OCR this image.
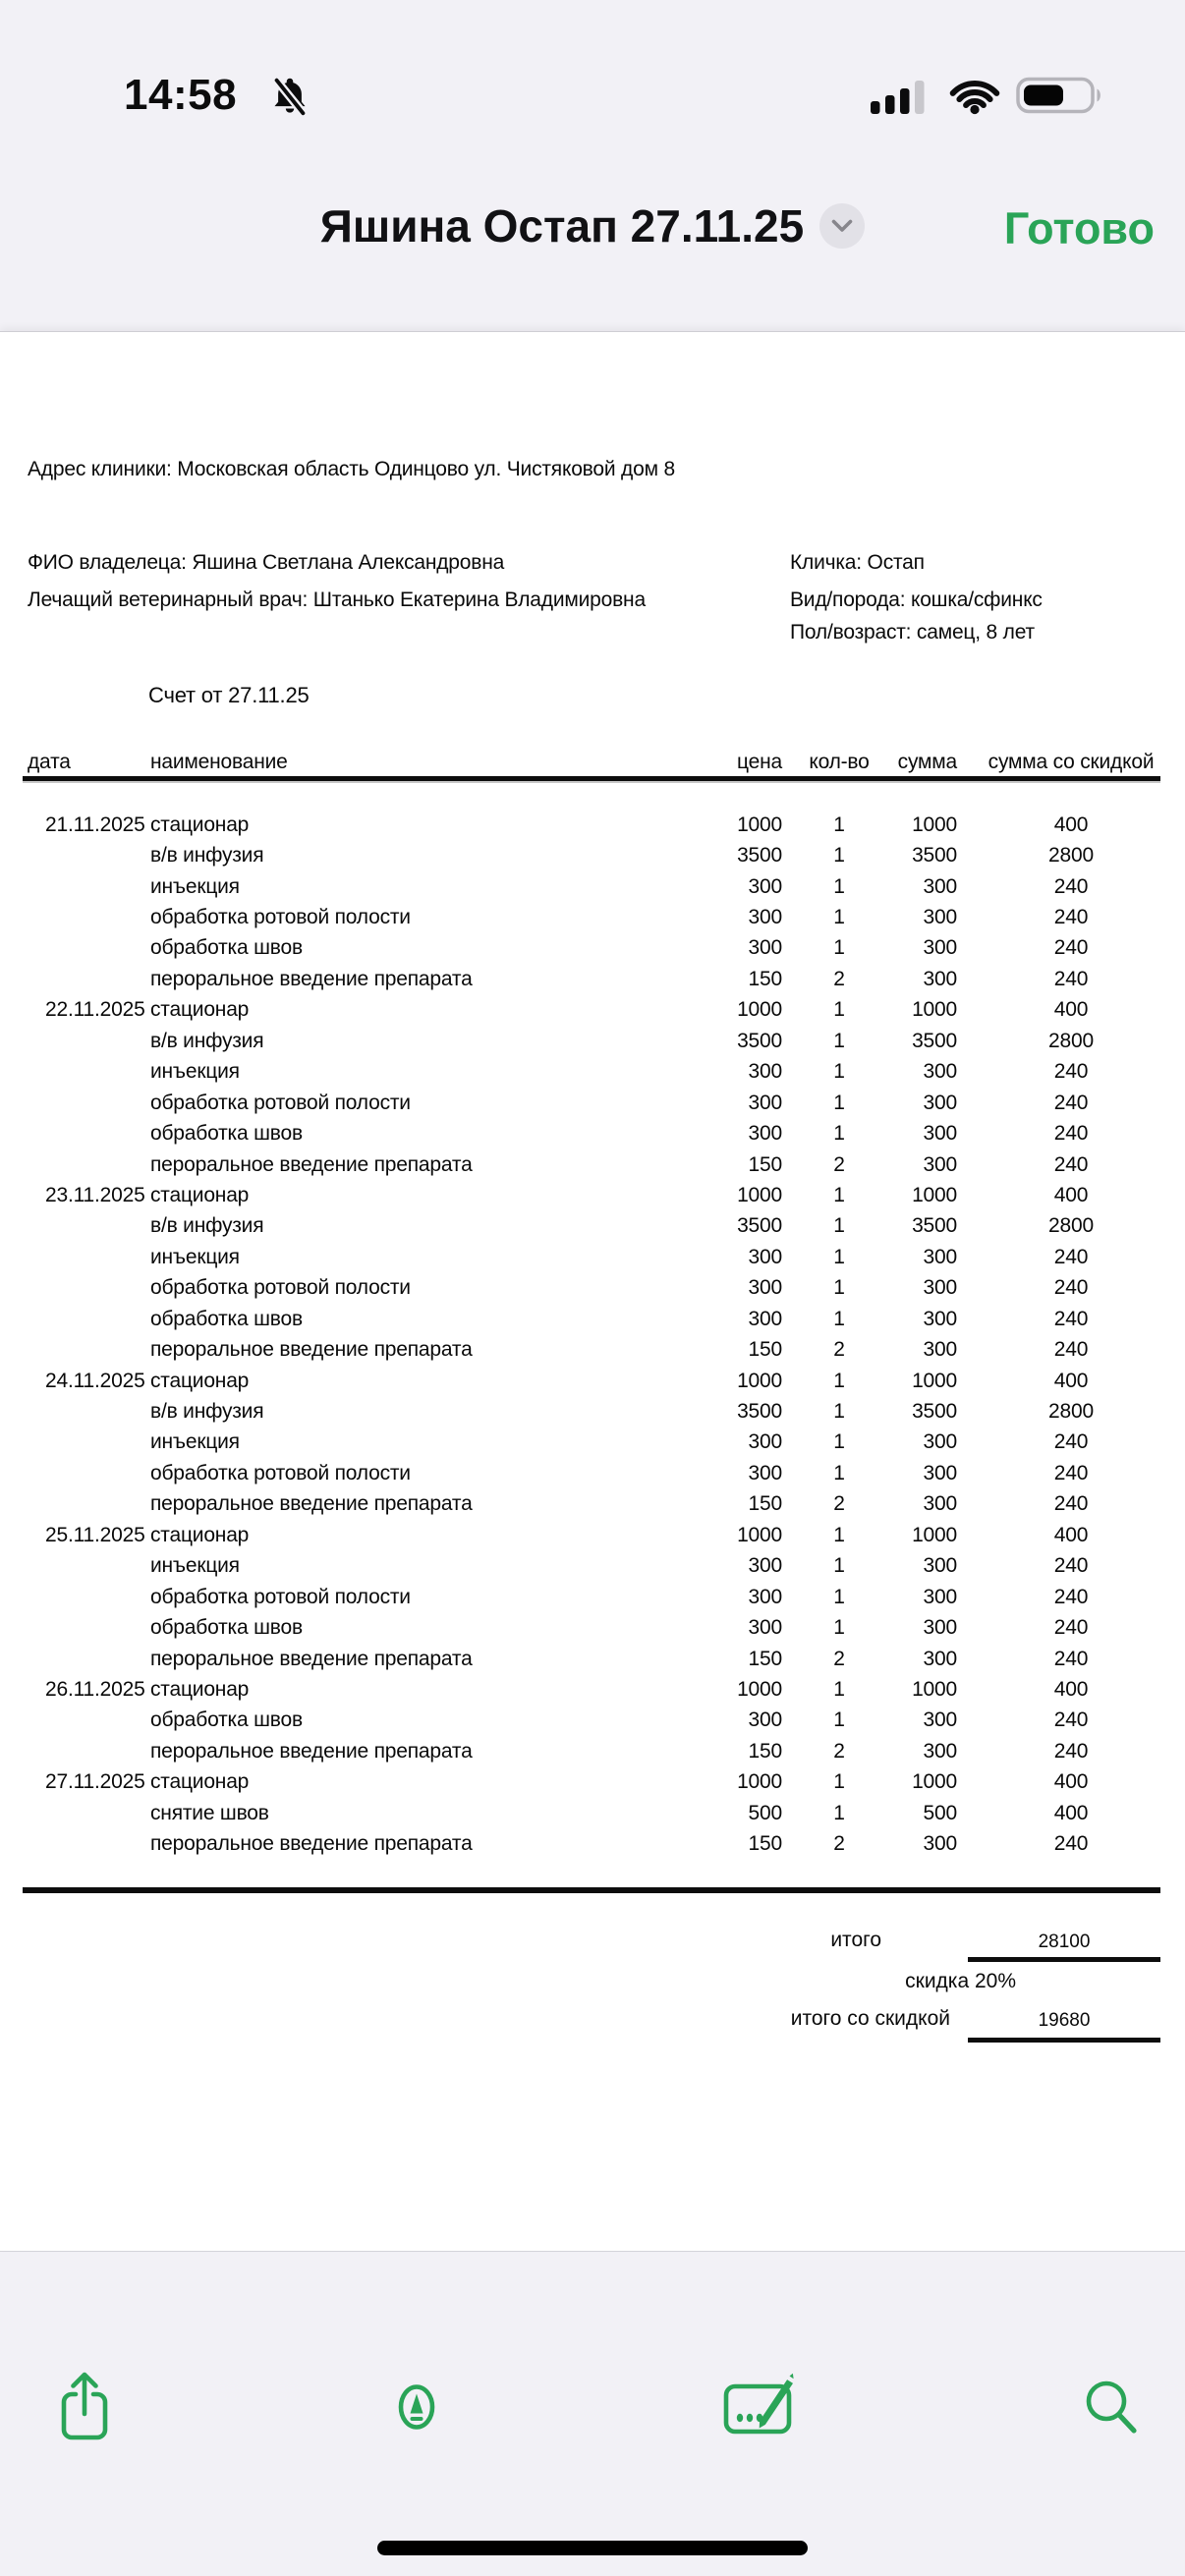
14:58
Яшина Остап 27.11.25	Готово
Адрес клиники: Московская область Одинцово ул. Чистяковой дом 8
ФИО владелеца: Яшина Светлана Александровна	Кличка: Остап
Лечащий ветеринарный врач: Штанько Екатерина Владимировна	Вид/порода: кошка/сфинкс
Пол/возраст: самец, 8 лет
Счет от 27.11.25
дата	наименование	цена	кол-во	сумма	сумма со скидкой
21.11.2025 стационар	1000	1	1000	400
в/в инфузия	3500	1	3500	2800
инъекция	300	1	300	240
обработка ротовой полости	300	1	300	240
обработка швов	300	1	300	240
пероральное введение препарата	150	2	300	240
22.11.2025 стационар	1000	1	1000	400
в/в инфузия	3500	1	3500	2800
инъекция	300	1	300	240
обработка ротовой полости	300	1	300	240
обработка швов	300	1	300	240
пероральное введение препарата	150	2	300	240
23.11.2025 стационар	1000	1	1000	400
в/в инфузия	3500	1	3500	2800
инъекция	300	1	300	240
обработка ротовой полости	300	1	300	240
обработка швов	300	1	300	240
пероральное введение препарата	150	2	300	240
24.11.2025 стационар	1000	1	1000	400
в/в инфузия	3500	1	3500	2800
инъекция	300	1	300	240
обработка ротовой полости	300	1	300	240
пероральное введение препарата	150	2	300	240
25.11.2025 стационар	1000	1	1000	400
инъекция	300	1	300	240
обработка ротовой полости	300	1	300	240
обработка швов	300	1	300	240
пероральное введение препарата	150	2	300	240
26.11.2025 стационар	1000	1	1000	400
обработка швов	300	1	300	240
пероральное введение препарата	150	2	300	240
27.11.2025 стационар	1000	1	1000	400
снятие швов	500	1	500	400
пероральное введение препарата	150	2	300	240
итого	28100
скидка 20%
итого со скидкой	19680
